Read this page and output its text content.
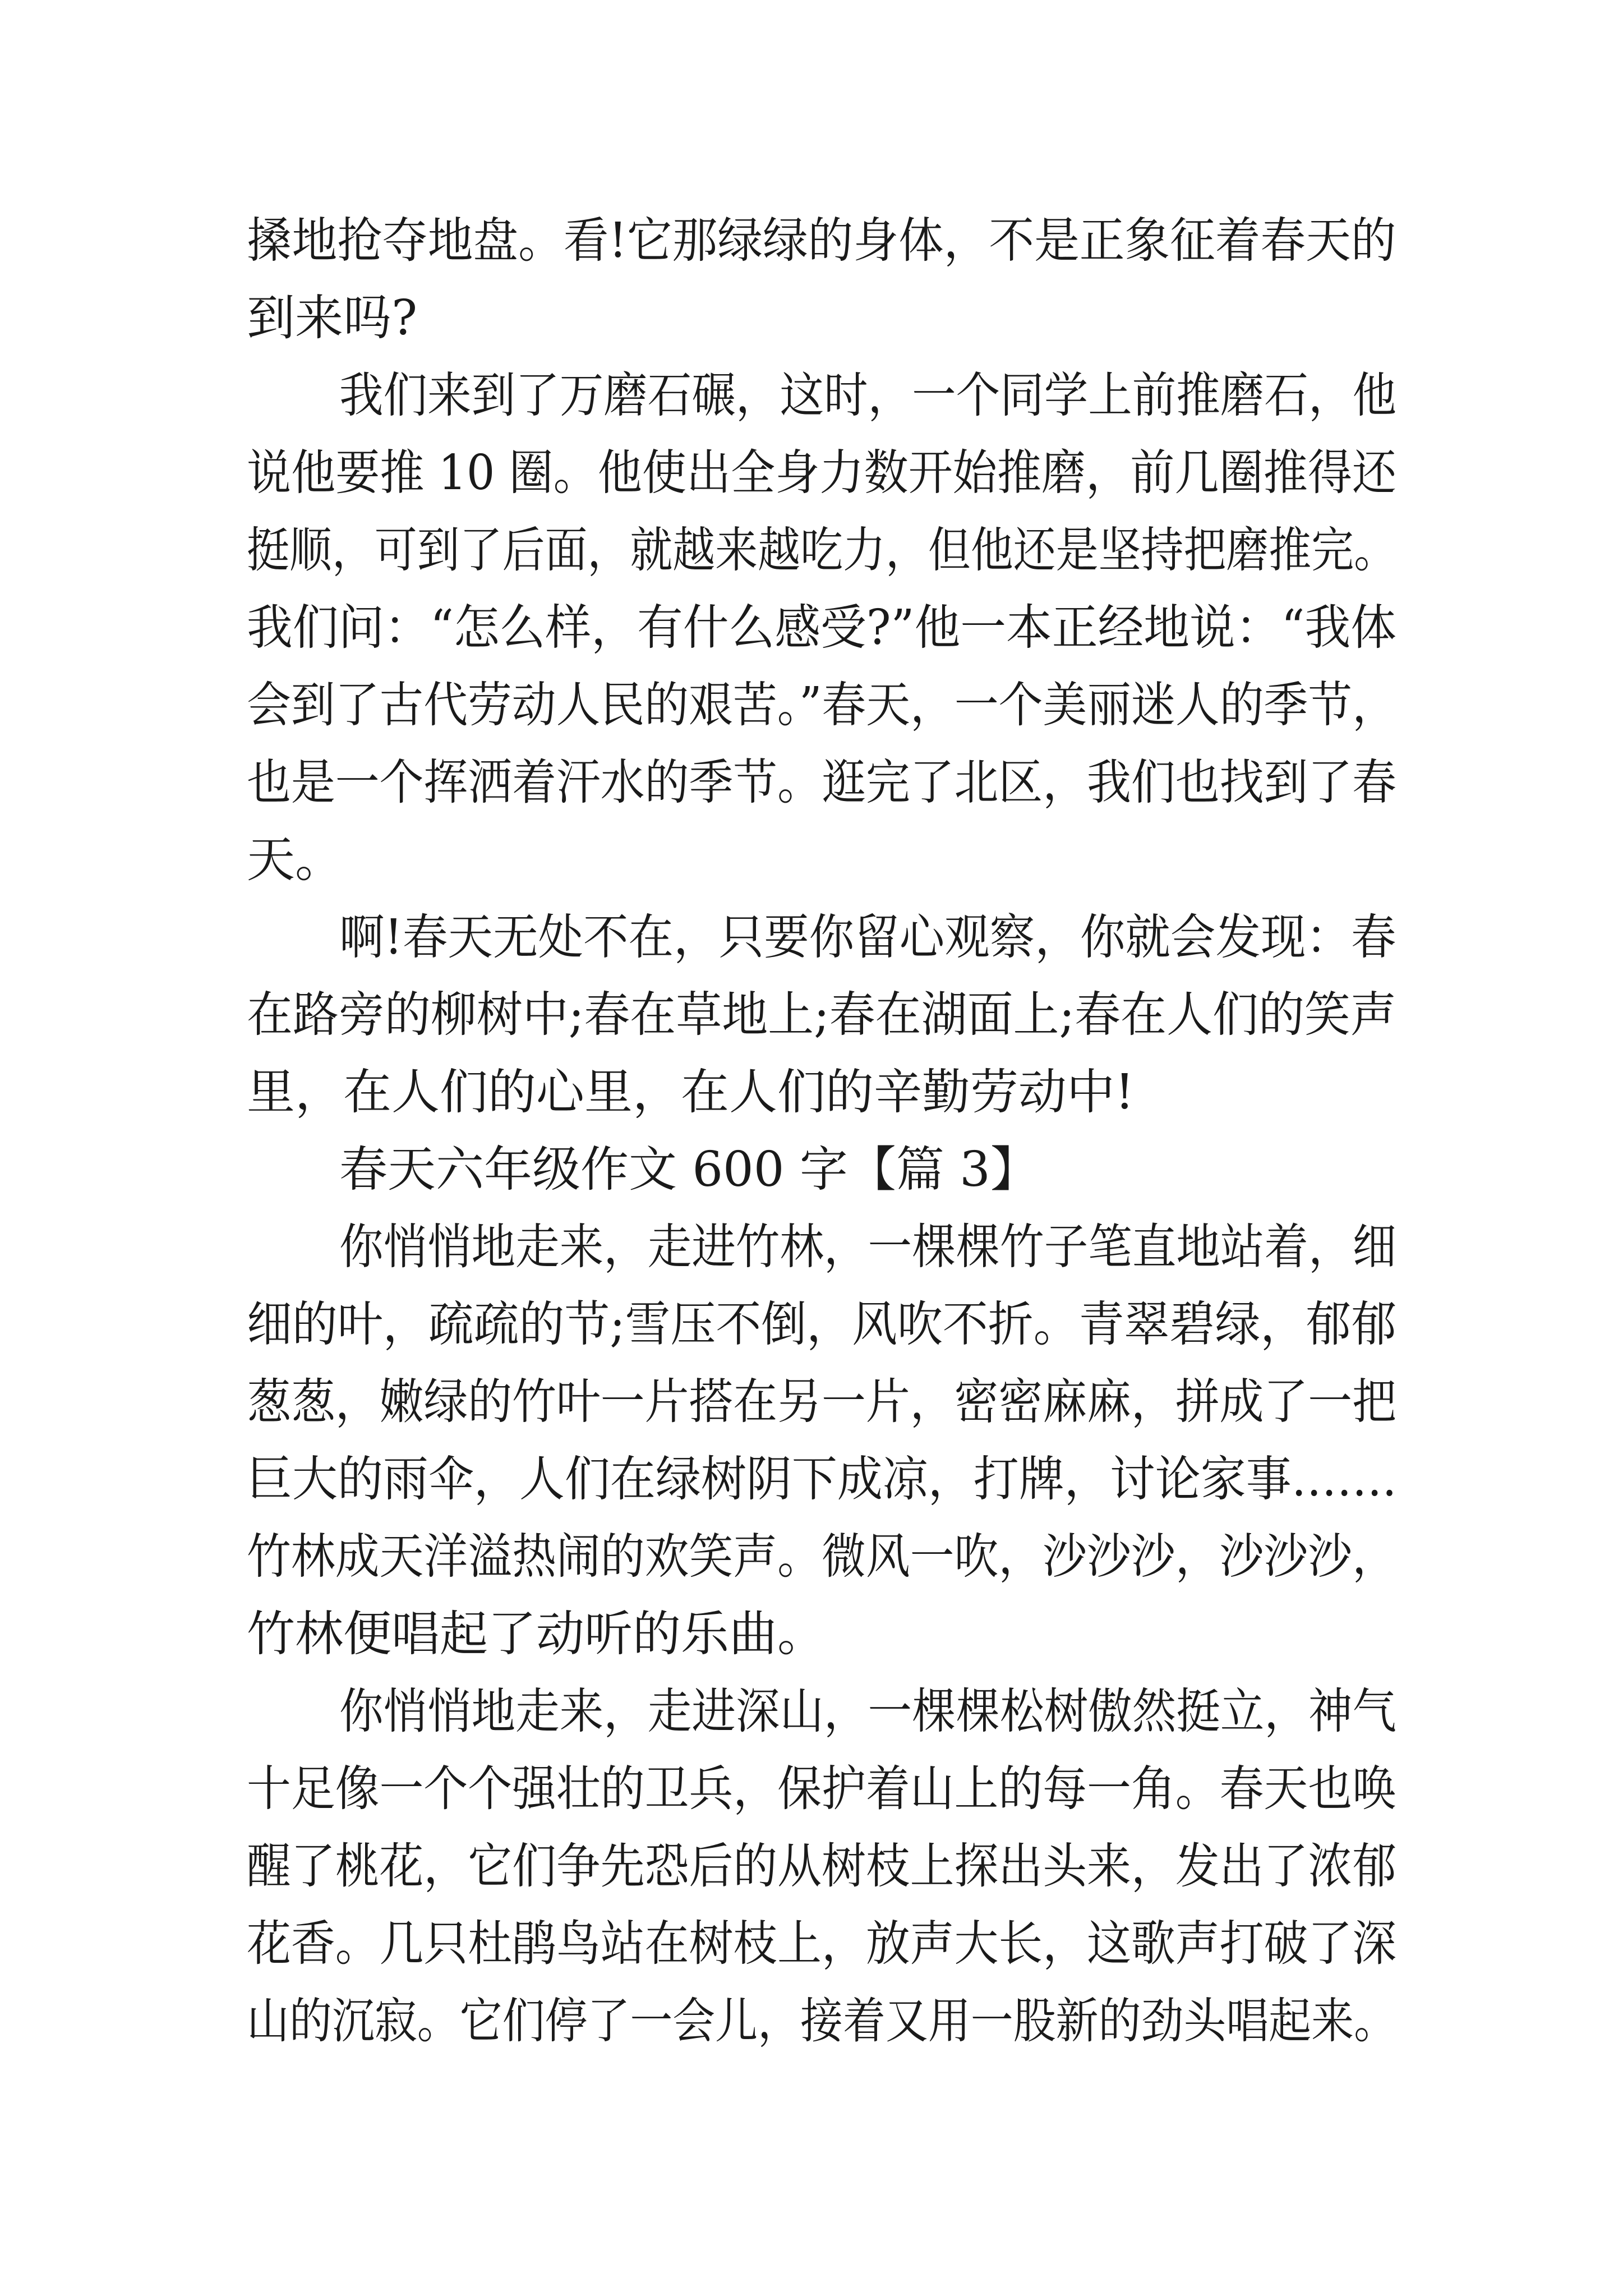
搡地抢夺地盘。看!它那绿绿的身体，不是正象征着春天的
到来吗?
我们来到了万磨石碾，这时，一个同学上前推磨石，他
说他要推 10 圈。他使出全身力数开始推磨，前几圈推得还
挺顺，可到了后面，就越来越吃力，但他还是坚持把磨推完。
我们问：“怎么样，有什么感受?”他一本正经地说：“我体
会到了古代劳动人民的艰苦。”春天，一个美丽迷人的季节，
也是一个挥洒着汗水的季节。逛完了北区，我们也找到了春
天。
啊!春天无处不在，只要你留心观察，你就会发现：春
在路旁的柳树中;春在草地上;春在湖面上;春在人们的笑声
里，在人们的心里，在人们的辛勤劳动中!
春天六年级作文 600 字【篇 3】
你悄悄地走来，走进竹林，一棵棵竹子笔直地站着，细
细的叶，疏疏的节;雪压不倒，风吹不折。青翠碧绿，郁郁
葱葱，嫩绿的竹叶一片搭在另一片，密密麻麻，拼成了一把
巨大的雨伞，人们在绿树阴下成凉，打牌，讨论家事…….
竹林成天洋溢热闹的欢笑声。微风一吹，沙沙沙，沙沙沙，
竹林便唱起了动听的乐曲。
你悄悄地走来，走进深山，一棵棵松树傲然挺立，神气
十足像一个个强壮的卫兵，保护着山上的每一角。春天也唤
醒了桃花，它们争先恐后的从树枝上探出头来，发出了浓郁
花香。几只杜鹃鸟站在树枝上，放声大长，这歌声打破了深
山的沉寂。它们停了一会儿，接着又用一股新的劲头唱起来。
